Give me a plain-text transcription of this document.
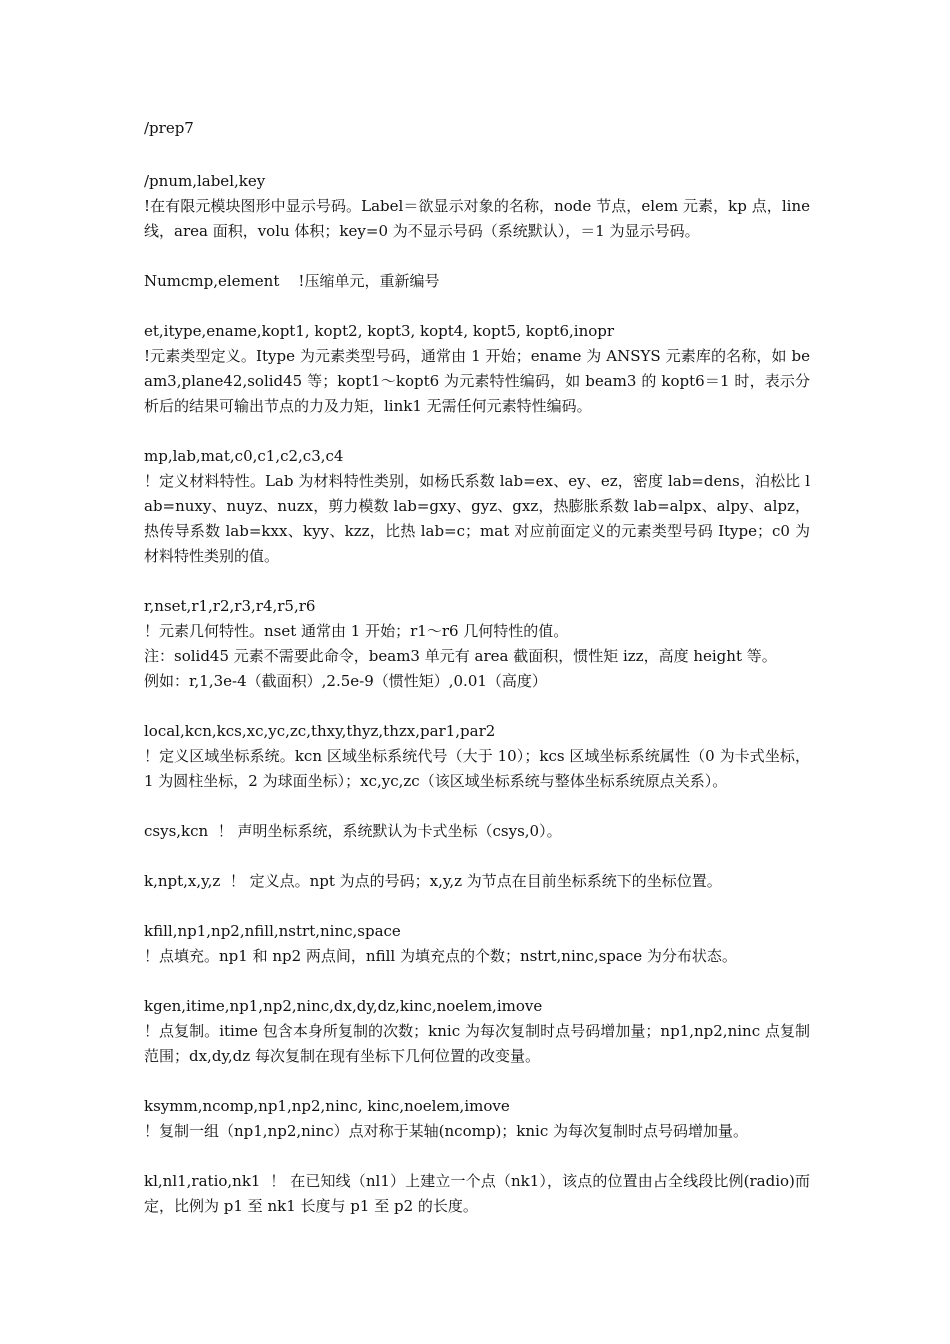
/prep7

/pnum,label,key

!在有限元模块图形中显示号码。Label＝欲显示对象的名称，node 节点，elem 元素，kp 点，line 线，area 面积，volu 体积；key=0 为不显示号码（系统默认），＝1 为显示号码。

Numcmp,element    !压缩单元，重新编号

et,itype,ename,kopt1, kopt2, kopt3, kopt4, kopt5, kopt6,inopr

!元素类型定义。Itype 为元素类型号码，通常由 1 开始；ename 为 ANSYS 元素库的名称，如 beam3,plane42,solid45 等；kopt1～kopt6 为元素特性编码，如 beam3 的 kopt6＝1 时，表示分析后的结果可输出节点的力及力矩，link1 无需任何元素特性编码。

mp,lab,mat,c0,c1,c2,c3,c4

！定义材料特性。Lab 为材料特性类别，如杨氏系数 lab=ex、ey、ez，密度 lab=dens，泊松比 lab=nuxy、nuyz、nuzx，剪力模数 lab=gxy、gyz、gxz，热膨胀系数 lab=alpx、alpy、alpz，热传导系数 lab=kxx、kyy、kzz，比热 lab=c；mat 对应前面定义的元素类型号码 Itype；c0 为材料特性类别的值。

r,nset,r1,r2,r3,r4,r5,r6

！元素几何特性。nset 通常由 1 开始；r1～r6 几何特性的值。

注：solid45 元素不需要此命令，beam3 单元有 area 截面积，惯性矩 izz，高度 height 等。

例如：r,1,3e-4（截面积）,2.5e-9（惯性矩）,0.01（高度）

local,kcn,kcs,xc,yc,zc,thxy,thyz,thzx,par1,par2

！定义区域坐标系统。kcn 区域坐标系统代号（大于 10）；kcs 区域坐标系统属性（0 为卡式坐标，1 为圆柱坐标，2 为球面坐标）；xc,yc,zc（该区域坐标系统与整体坐标系统原点关系）。

csys,kcn  ！ 声明坐标系统，系统默认为卡式坐标（csys,0）。

k,npt,x,y,z  ！ 定义点。npt 为点的号码；x,y,z 为节点在目前坐标系统下的坐标位置。

kfill,np1,np2,nfill,nstrt,ninc,space

！点填充。np1 和 np2 两点间，nfill 为填充点的个数；nstrt,ninc,space 为分布状态。

kgen,itime,np1,np2,ninc,dx,dy,dz,kinc,noelem,imove

！点复制。itime 包含本身所复制的次数；knic 为每次复制时点号码增加量；np1,np2,ninc 点复制范围；dx,dy,dz 每次复制在现有坐标下几何位置的改变量。

ksymm,ncomp,np1,np2,ninc, kinc,noelem,imove

！复制一组（np1,np2,ninc）点对称于某轴(ncomp)；knic 为每次复制时点号码增加量。

kl,nl1,ratio,nk1  ！ 在已知线（nl1）上建立一个点（nk1），该点的位置由占全线段比例(radio)而定，比例为 p1 至 nk1 长度与 p1 至 p2 的长度。
